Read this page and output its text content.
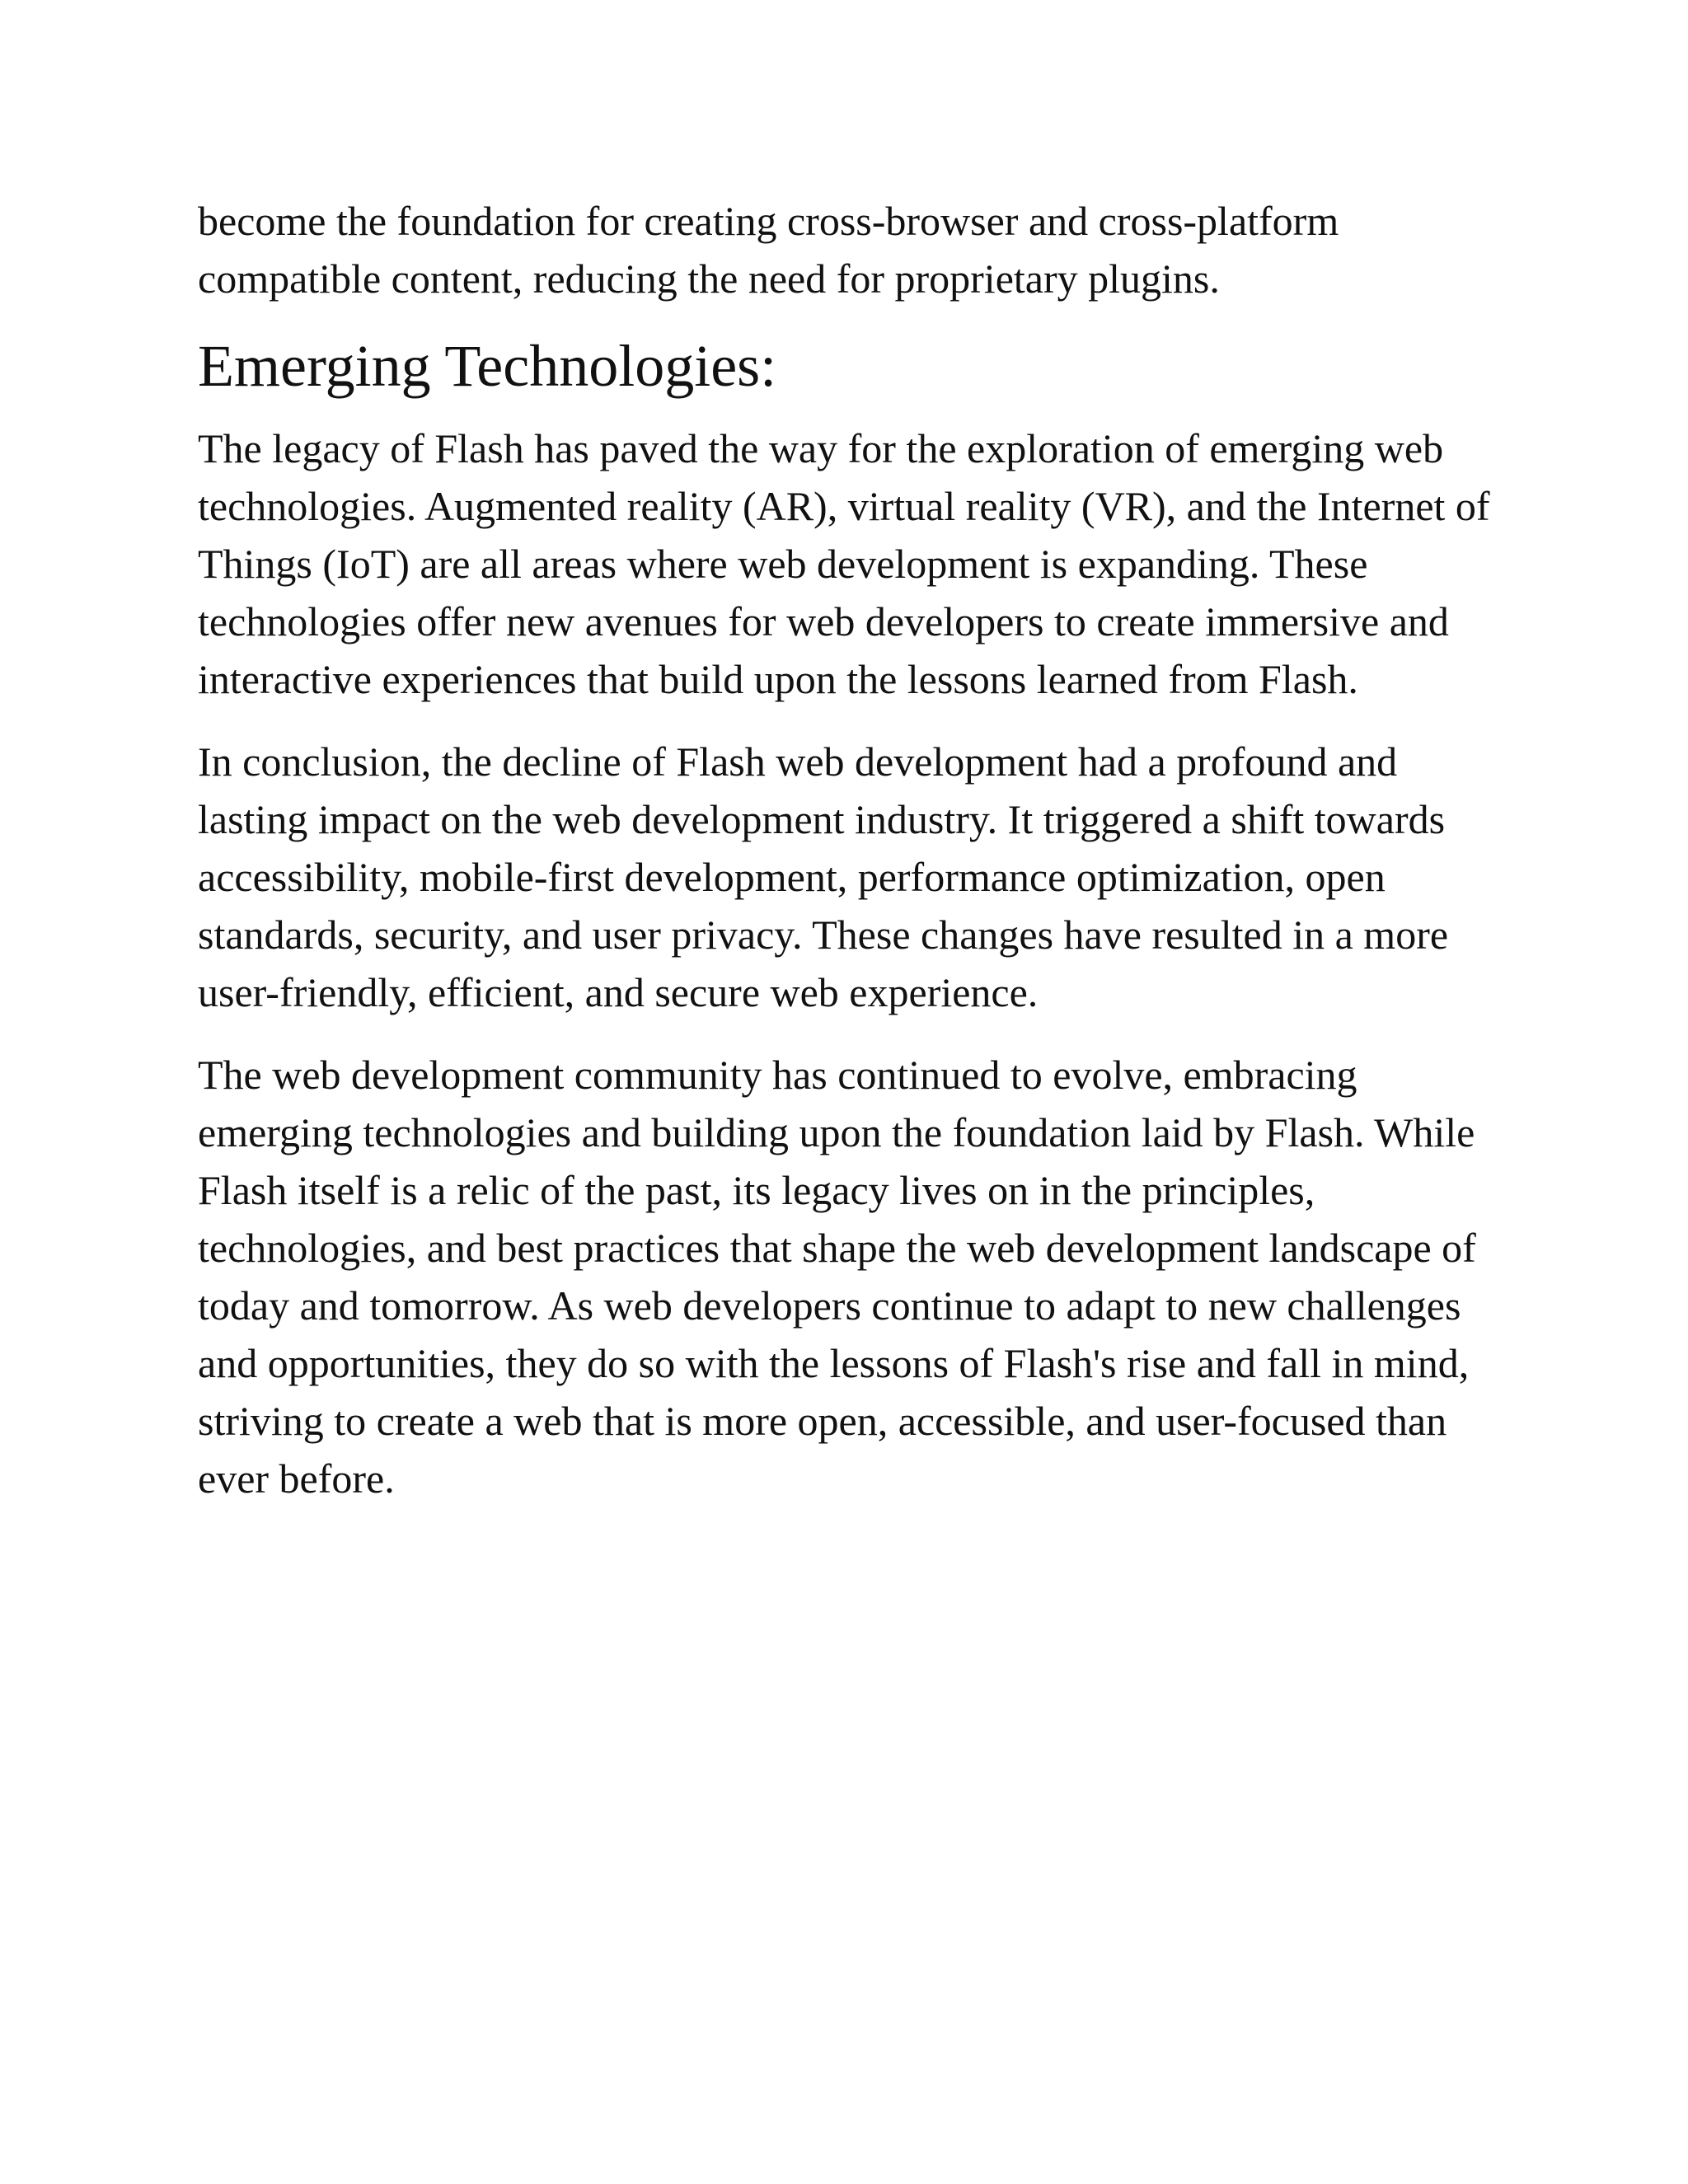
become the foundation for creating cross-browser and cross-platform compatible content, reducing the need for proprietary plugins.

Emerging Technologies:

The legacy of Flash has paved the way for the exploration of emerging web technologies. Augmented reality (AR), virtual reality (VR), and the Internet of Things (IoT) are all areas where web development is expanding. These technologies offer new avenues for web developers to create immersive and interactive experiences that build upon the lessons learned from Flash.

In conclusion, the decline of Flash web development had a profound and lasting impact on the web development industry. It triggered a shift towards accessibility, mobile-first development, performance optimization, open standards, security, and user privacy. These changes have resulted in a more user-friendly, efficient, and secure web experience.

The web development community has continued to evolve, embracing emerging technologies and building upon the foundation laid by Flash. While Flash itself is a relic of the past, its legacy lives on in the principles, technologies, and best practices that shape the web development landscape of today and tomorrow. As web developers continue to adapt to new challenges and opportunities, they do so with the lessons of Flash's rise and fall in mind, striving to create a web that is more open, accessible, and user-focused than ever before.
